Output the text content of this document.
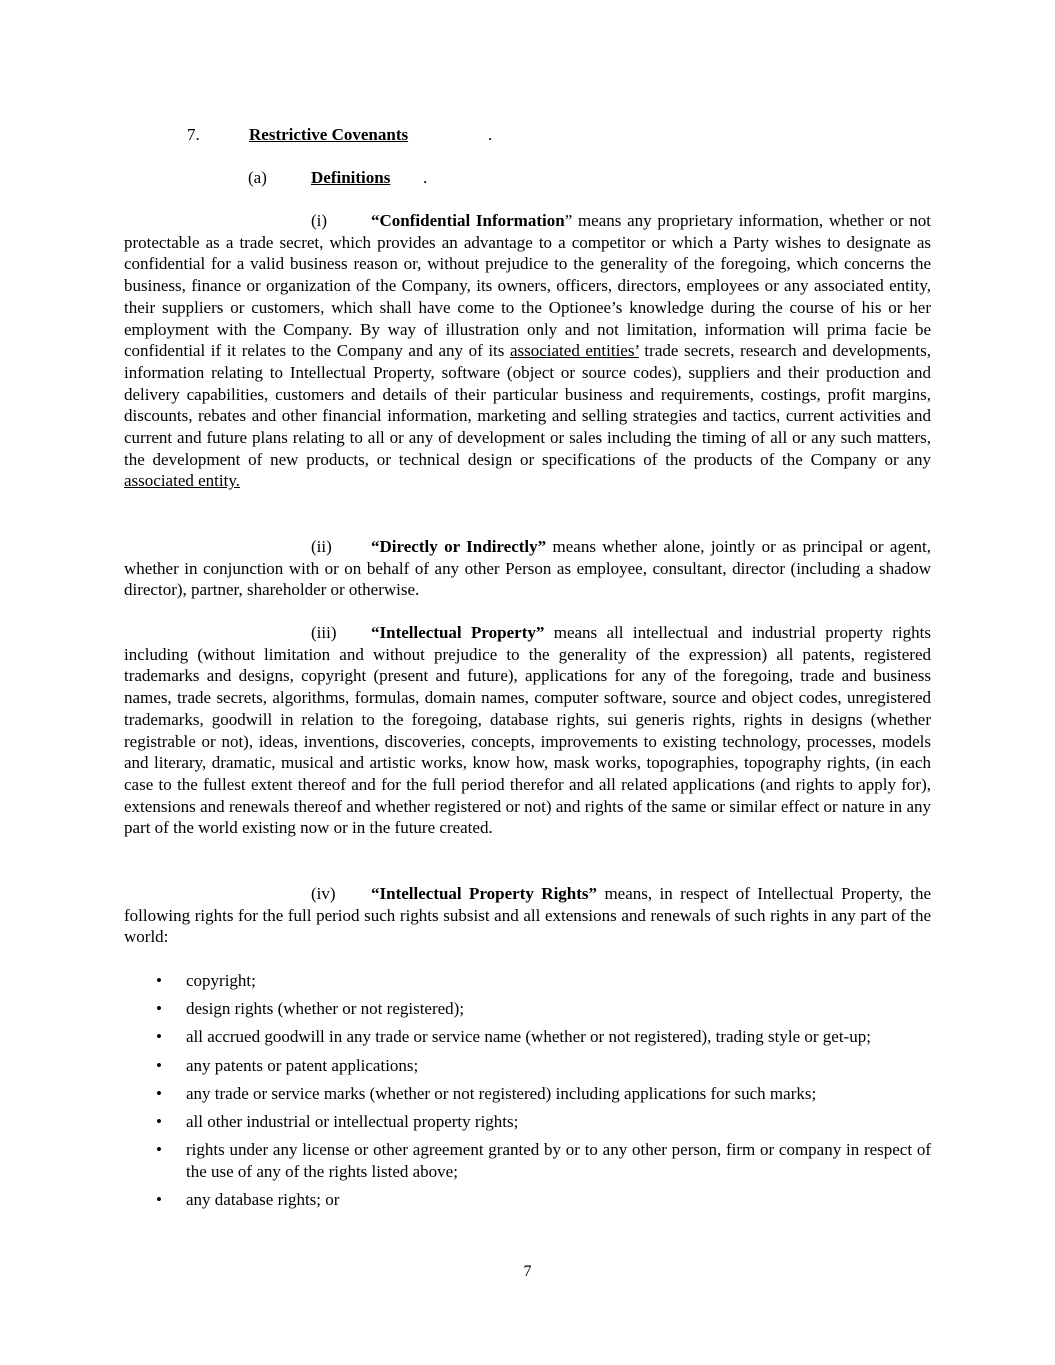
7.	Restrictive Covenants	.
(a)	Definitions .

(i)	“Confidential Information” means any proprietary information, whether or not protectable as a trade secret, which provides an advantage to a competitor or which a Party wishes to designate as confidential for a valid business reason or, without prejudice to the generality of the foregoing, which concerns the business, finance or organization of the Company, its owners, officers, directors, employees or any associated entity, their suppliers or customers, which shall have come to the Optionee’s knowledge during the course of his or her employment with the Company. By way of illustration only and not limitation, information will prima facie be confidential if it relates to the Company and any of its associated entities’ trade secrets, research and developments, information relating to Intellectual Property, software (object or source codes), suppliers and their production and delivery capabilities, customers and details of their particular business and requirements, costings, profit margins, discounts, rebates and other financial information, marketing and selling strategies and tactics, current activities and current and future plans relating to all or any of development or sales including the timing of all or any such matters, the development of new products, or technical design or specifications of the products of the Company or any associated entity.

(ii) “Directly or Indirectly” means whether alone, jointly or as principal or agent, whether in conjunction with or on behalf of any other Person as employee, consultant, director (including a shadow director), partner, shareholder or otherwise.

(iii) “Intellectual Property” means all intellectual and industrial property rights including (without limitation and without prejudice to the generality of the expression) all patents, registered trademarks and designs, copyright (present and future), applications for any of the foregoing, trade and business names, trade secrets, algorithms, formulas, domain names, computer software, source and object codes, unregistered trademarks, goodwill in relation to the foregoing, database rights, sui generis rights, rights in designs (whether registrable or not), ideas, inventions, discoveries, concepts, improvements to existing technology, processes, models and literary, dramatic, musical and artistic works, know how, mask works, topographies, topography rights, (in each case to the fullest extent thereof and for the full period therefor and all related applications (and rights to apply for), extensions and renewals thereof and whether registered or not) and rights of the same or similar effect or nature in any part of the world existing now or in the future created.

(iv) “Intellectual Property Rights” means, in respect of Intellectual Property, the following rights for the full period such rights subsist and all extensions and renewals of such rights in any part of the world:

• copyright;
• design rights (whether or not registered);
• all accrued goodwill in any trade or service name (whether or not registered), trading style or get-up;
• any patents or patent applications;
• any trade or service marks (whether or not registered) including applications for such marks;
• all other industrial or intellectual property rights;
• rights under any license or other agreement granted by or to any other person, firm or company in respect of the use of any of the rights listed above;
• any database rights; or
7
